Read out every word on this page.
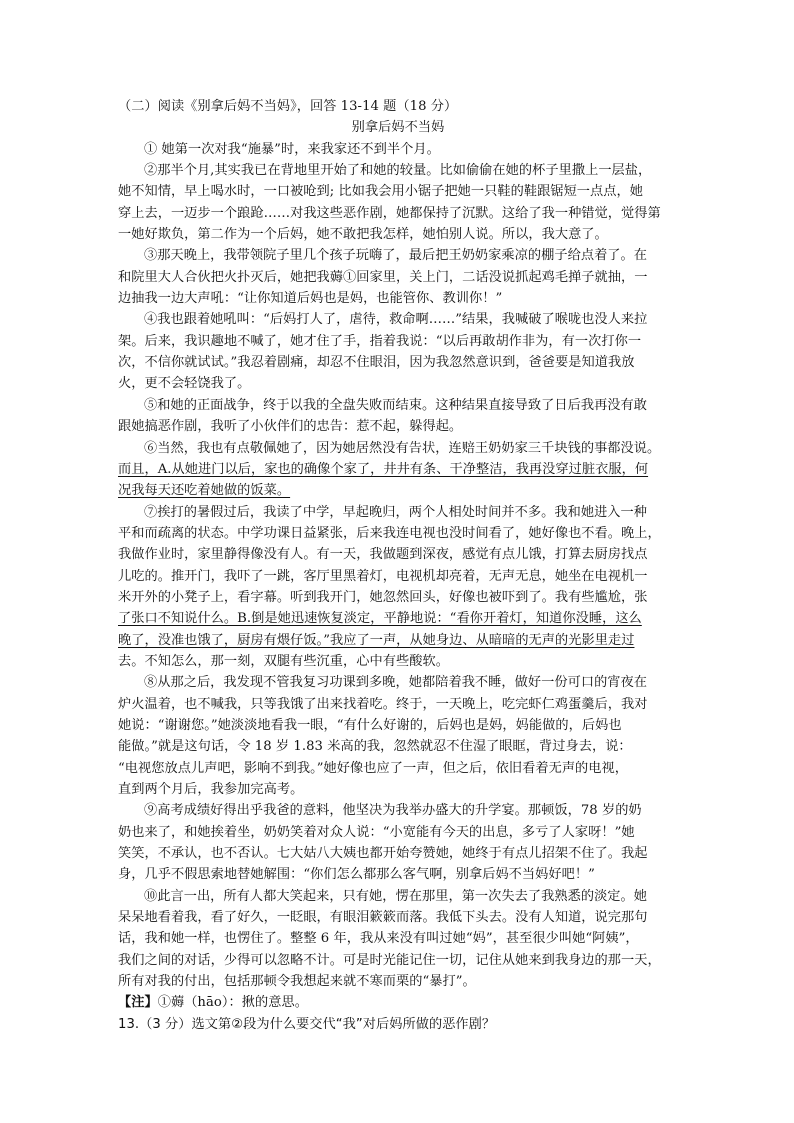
（二）阅读《别拿后妈不当妈》，回答 13-14 题（18 分）
别拿后妈不当妈
① 她第一次对我“施暴”时，来我家还不到半个月。
②那半个月,其实我已在背地里开始了和她的较量。比如偷偷在她的杯子里撒上一层盐，
她不知情，早上喝水时，一口被呛到; 比如我会用小锯子把她一只鞋的鞋跟锯短一点点，她
穿上去，一迈步一个踉跄……对我这些恶作剧，她都保持了沉默。这给了我一种错觉，觉得第
一她好欺负，第二作为一个后妈，她不敢把我怎样，她怕别人说。所以，我大意了。
③那天晚上，我带领院子里几个孩子玩嗨了，最后把王奶奶家乘凉的棚子给点着了。在
和院里大人合伙把火扑灭后，她把我薅①回家里，关上门，二话没说抓起鸡毛掸子就抽，一
边抽我一边大声吼：“让你知道后妈也是妈，也能管你、教训你！”
④我也跟着她吼叫：“后妈打人了，虐待，救命啊……”结果，我喊破了喉咙也没人来拉
架。后来，我识趣地不喊了，她才住了手，指着我说：“以后再敢胡作非为，有一次打你一
次，不信你就试试。”我忍着剧痛，却忍不住眼泪，因为我忽然意识到，爸爸要是知道我放
火，更不会轻饶我了。
⑤和她的正面战争，终于以我的全盘失败而结束。这种结果直接导致了日后我再没有敢
跟她搞恶作剧，我听了小伙伴们的忠告：惹不起，躲得起。
⑥当然，我也有点敬佩她了，因为她居然没有告状，连赔王奶奶家三千块钱的事都没说。
而且，A.从她进门以后，家也的确像个家了，井井有条、干净整洁，我再没穿过脏衣服，何
况我每天还吃着她做的饭菜。
⑦挨打的暑假过后，我读了中学，早起晚归，两个人相处时间并不多。我和她进入一种
平和而疏离的状态。中学功课日益紧张，后来我连电视也没时间看了，她好像也不看。晚上，
我做作业时，家里静得像没有人。有一天，我做题到深夜，感觉有点儿饿，打算去厨房找点
儿吃的。推开门，我吓了一跳，客厅里黑着灯，电视机却亮着，无声无息，她坐在电视机一
米开外的小凳子上，看字幕。听到我开门，她忽然回头，好像也被吓到了。我有些尴尬，张
了张口不知说什么。B.倒是她迅速恢复淡定，平静地说：“看你开着灯，知道你没睡，这么
晚了，没准也饿了，厨房有煨仔饭。”我应了一声，从她身边、从暗暗的无声的光影里走过
去。不知怎么，那一刻，双腿有些沉重，心中有些酸软。
⑧从那之后，我发现不管我复习功课到多晚，她都陪着我不睡，做好一份可口的宵夜在
炉火温着，也不喊我，只等我饿了出来找着吃。终于，一天晚上，吃完虾仁鸡蛋羹后，我对
她说：“谢谢您。”她淡淡地看我一眼，“有什么好谢的，后妈也是妈，妈能做的，后妈也
能做。”就是这句话，令 18 岁 1.83 米高的我，忽然就忍不住湿了眼眶，背过身去，说：
“电视您放点儿声吧，影响不到我。”她好像也应了一声，但之后，依旧看着无声的电视，
直到两个月后，我参加完高考。
⑨高考成绩好得出乎我爸的意料，他坚决为我举办盛大的升学宴。那顿饭，78 岁的奶
奶也来了，和她挨着坐，奶奶笑着对众人说：“小宽能有今天的出息，多亏了人家呀！”她
笑笑，不承认，也不否认。七大姑八大姨也都开始夸赞她，她终于有点儿招架不住了。我起
身，几乎不假思索地替她解围：“你们怎么都那么客气啊，别拿后妈不当妈好吧！”
⑩此言一出，所有人都大笑起来，只有她，愣在那里，第一次失去了我熟悉的淡定。她
呆呆地看着我，看了好久，一眨眼，有眼泪簌簌而落。我低下头去。没有人知道，说完那句
话，我和她一样，也愣住了。整整 6 年，我从来没有叫过她“妈”，甚至很少叫她“阿姨”，
我们之间的对话，少得可以忽略不计。可是时光能记住一切，记住从她来到我身边的那一天，
所有对我的付出，包括那顿令我想起来就不寒而栗的“暴打”。
【注】①薅（hāo）：揪的意思。
13.（3 分）选文第②段为什么要交代“我”对后妈所做的恶作剧？
